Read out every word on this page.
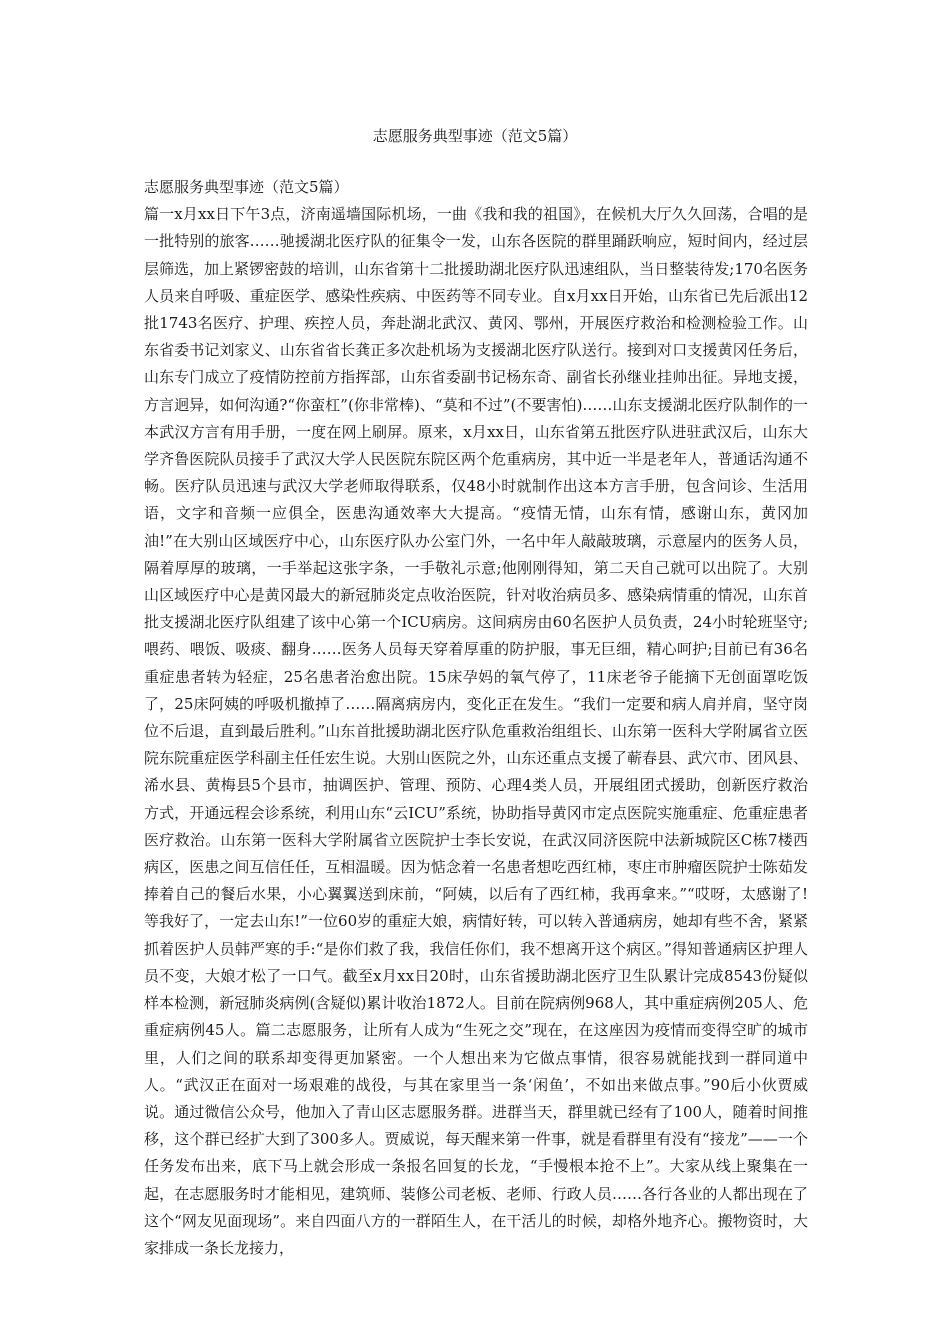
志愿服务典型事迹（范文5篇）

志愿服务典型事迹（范文5篇）

篇一x月xx日下午3点，济南遥墙国际机场，一曲《我和我的祖国》，在候机大厅久久回荡，合唱的是一批特别的旅客……驰援湖北医疗队的征集令一发，山东各医院的群里踊跃响应，短时间内，经过层层筛选，加上紧锣密鼓的培训，山东省第十二批援助湖北医疗队迅速组队，当日整装待发;170名医务人员来自呼吸、重症医学、感染性疾病、中医药等不同专业。自x月xx日开始，山东省已先后派出12批1743名医疗、护理、疾控人员，奔赴湖北武汉、黄冈、鄂州，开展医疗救治和检测检验工作。山东省委书记刘家义、山东省省长龚正多次赴机场为支援湖北医疗队送行。接到对口支援黄冈任务后，山东专门成立了疫情防控前方指挥部，山东省委副书记杨东奇、副省长孙继业挂帅出征。异地支援，方言迥异，如何沟通?“你蛮杠”(你非常棒)、“莫和不过”(不要害怕)……山东支援湖北医疗队制作的一本武汉方言有用手册，一度在网上刷屏。原来，x月xx日，山东省第五批医疗队进驻武汉后，山东大学齐鲁医院队员接手了武汉大学人民医院东院区两个危重病房，其中近一半是老年人，普通话沟通不畅。医疗队员迅速与武汉大学老师取得联系，仅48小时就制作出这本方言手册，包含问诊、生活用语，文字和音频一应俱全，医患沟通效率大大提高。“疫情无情，山东有情，感谢山东，黄冈加油!”在大别山区域医疗中心，山东医疗队办公室门外，一名中年人敲敲玻璃，示意屋内的医务人员，隔着厚厚的玻璃，一手举起这张字条，一手敬礼示意;他刚刚得知，第二天自己就可以出院了。大别山区域医疗中心是黄冈最大的新冠肺炎定点收治医院，针对收治病员多、感染病情重的情况，山东首批支援湖北医疗队组建了该中心第一个ICU病房。这间病房由60名医护人员负责，24小时轮班坚守;喂药、喂饭、吸痰、翻身……医务人员每天穿着厚重的防护服，事无巨细，精心呵护;目前已有36名重症患者转为轻症，25名患者治愈出院。15床孕妈的氧气停了，11床老爷子能摘下无创面罩吃饭了，25床阿姨的呼吸机撤掉了……隔离病房内，变化正在发生。“我们一定要和病人肩并肩，坚守岗位不后退，直到最后胜利。”山东首批援助湖北医疗队危重救治组组长、山东第一医科大学附属省立医院东院重症医学科副主任任宏生说。大别山医院之外，山东还重点支援了蕲春县、武穴市、团风县、浠水县、黄梅县5个县市，抽调医护、管理、预防、心理4类人员，开展组团式援助，创新医疗救治方式，开通远程会诊系统，利用山东“云ICU”系统，协助指导黄冈市定点医院实施重症、危重症患者医疗救治。山东第一医科大学附属省立医院护士李长安说，在武汉同济医院中法新城院区C栋7楼西病区，医患之间互信任任，互相温暖。因为惦念着一名患者想吃西红柿，枣庄市肿瘤医院护士陈茹发捧着自己的餐后水果，小心翼翼送到床前，“阿姨，以后有了西红柿，我再拿来。”“哎呀，太感谢了!等我好了，一定去山东!”一位60岁的重症大娘，病情好转，可以转入普通病房，她却有些不舍，紧紧抓着医护人员韩严寒的手:“是你们救了我，我信任你们，我不想离开这个病区。”得知普通病区护理人员不变，大娘才松了一口气。截至x月xx日20时，山东省援助湖北医疗卫生队累计完成8543份疑似样本检测，新冠肺炎病例(含疑似)累计收治1872人。目前在院病例968人，其中重症病例205人、危重症病例45人。篇二志愿服务，让所有人成为“生死之交”现在，在这座因为疫情而变得空旷的城市里，人们之间的联系却变得更加紧密。一个人想出来为它做点事情，很容易就能找到一群同道中人。“武汉正在面对一场艰难的战役，与其在家里当一条‘闲鱼’，不如出来做点事。”90后小伙贾威说。通过微信公众号，他加入了青山区志愿服务群。进群当天，群里就已经有了100人，随着时间推移，这个群已经扩大到了300多人。贾威说，每天醒来第一件事，就是看群里有没有“接龙”——一个任务发布出来，底下马上就会形成一条报名回复的长龙，“手慢根本抢不上”。大家从线上聚集在一起，在志愿服务时才能相见，建筑师、装修公司老板、老师、行政人员……各行各业的人都出现在了这个“网友见面现场”。来自四面八方的一群陌生人，在干活儿的时候，却格外地齐心。搬物资时，大家排成一条长龙接力，
